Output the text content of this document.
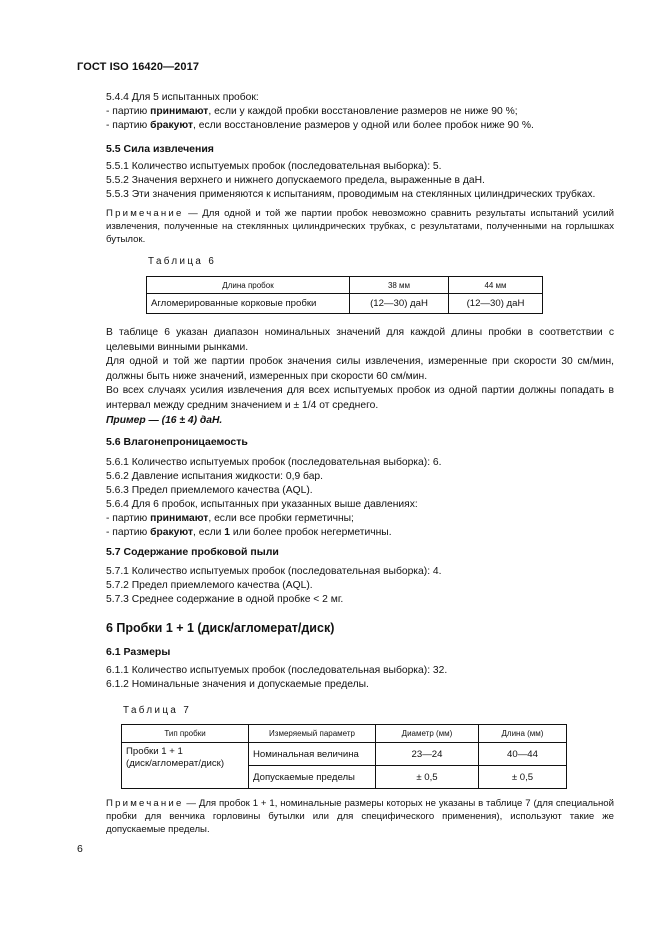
ГОСТ ISO 16420—2017
5.4.4 Для 5 испытанных пробок:
- партию принимают, если у каждой пробки восстановление размеров не ниже 90 %;
- партию бракуют, если восстановление размеров у одной или более пробок ниже 90 %.
5.5 Сила извлечения
5.5.1 Количество испытуемых пробок (последовательная выборка): 5.
5.5.2 Значения верхнего и нижнего допускаемого предела, выраженные в даН.
5.5.3 Эти значения применяются к испытаниям, проводимым на стеклянных цилиндрических трубках.
Примечание — Для одной и той же партии пробок невозможно сравнить результаты испытаний усилий извлечения, полученные на стеклянных цилиндрических трубках, с результатами, полученными на горлышках бутылок.
Таблица 6
Длина пробок	38 мм	44 мм
Агломерированные корковые пробки	(12—30) даН	(12—30) даН
В таблице 6 указан диапазон номинальных значений для каждой длины пробки в соответствии с целевыми винными рынками.
Для одной и той же партии пробок значения силы извлечения, измеренные при скорости 30 см/мин, должны быть ниже значений, измеренных при скорости 60 см/мин.
Во всех случаях усилия извлечения для всех испытуемых пробок из одной партии должны попадать в интервал между средним значением и ± 1/4 от среднего.
Пример — (16 ± 4) даН.
5.6 Влагонепроницаемость
5.6.1 Количество испытуемых пробок (последовательная выборка): 6.
5.6.2 Давление испытания жидкости: 0,9 бар.
5.6.3 Предел приемлемого качества (AQL).
5.6.4 Для 6 пробок, испытанных при указанных выше давлениях:
- партию принимают, если все пробки герметичны;
- партию бракуют, если 1 или более пробок негерметичны.
5.7 Содержание пробковой пыли
5.7.1 Количество испытуемых пробок (последовательная выборка): 4.
5.7.2 Предел приемлемого качества (AQL).
5.7.3 Среднее содержание в одной пробке < 2 мг.
6 Пробки 1 + 1 (диск/агломерат/диск)
6.1 Размеры
6.1.1 Количество испытуемых пробок (последовательная выборка): 32.
6.1.2 Номинальные значения и допускаемые пределы.
Таблица 7
Тип пробки	Измеряемый параметр	Диаметр (мм)	Длина (мм)

Пробки 1 + 1
(диск/агломерат/диск)	Номинальная величина	23—24	40—44
	Допускаемые пределы	± 0,5	± 0,5
Примечание — Для пробок 1 + 1, номинальные размеры которых не указаны в таблице 7 (для специальной пробки для венчика горловины бутылки или для специфического применения), используют такие же допускаемые пределы.
6
